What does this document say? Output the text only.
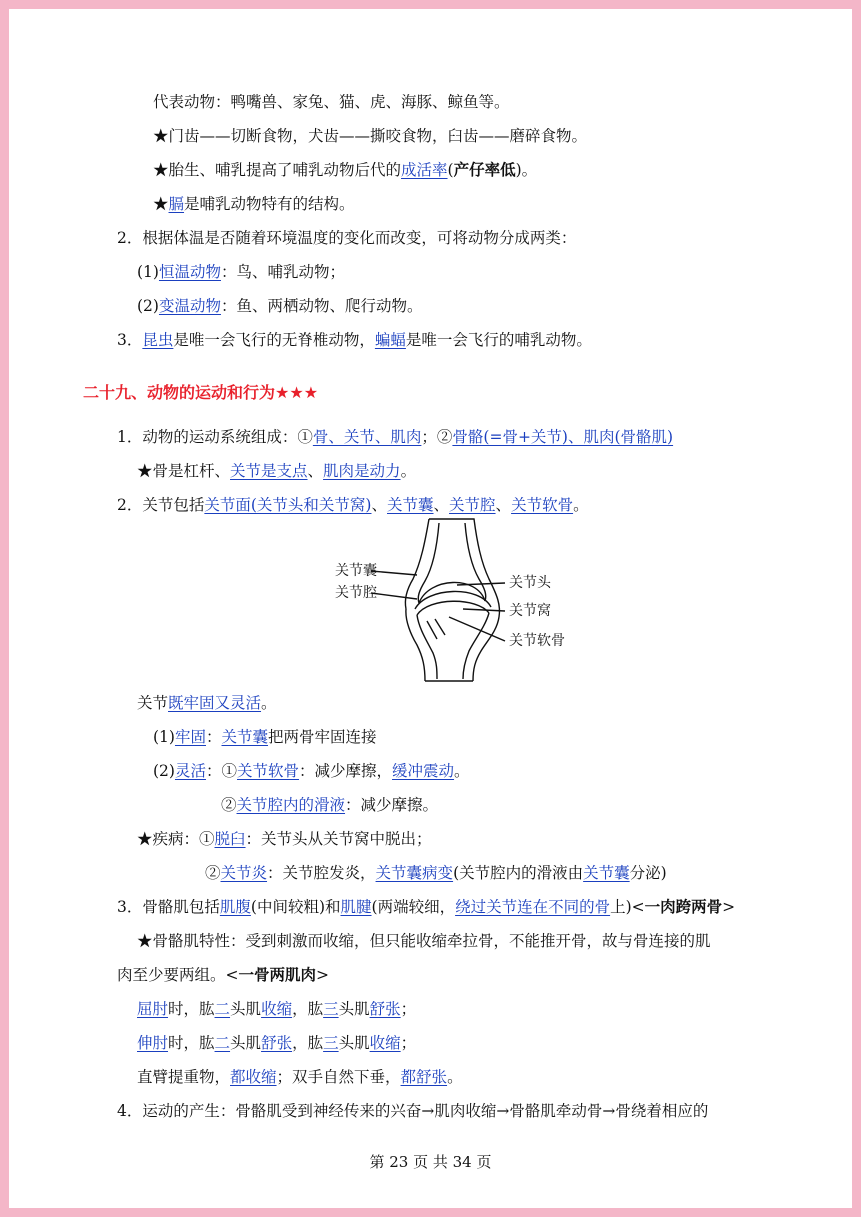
代表动物：鸭嘴兽、家兔、猫、虎、海豚、鲸鱼等。
★门齿——切断食物，犬齿——撕咬食物，臼齿——磨碎食物。
★胎生、哺乳提高了哺乳动物后代的成活率(产仔率低)。
★膈是哺乳动物特有的结构。
2．根据体温是否随着环境温度的变化而改变，可将动物分成两类：
(1)恒温动物：鸟、哺乳动物；
(2)变温动物：鱼、两栖动物、爬行动物。
3．昆虫是唯一会飞行的无脊椎动物，蝙蝠是唯一会飞行的哺乳动物。
二十九、动物的运动和行为★★★
1．动物的运动系统组成：①骨、关节、肌肉；②骨骼(=骨+关节)、肌肉(骨骼肌)
★骨是杠杆、关节是支点、肌肉是动力。
2．关节包括关节面(关节头和关节窝)、关节囊、关节腔、关节软骨。
关节囊
关节腔
关节头
关节窝
关节软骨
关节既牢固又灵活。
(1)牢固：关节囊把两骨牢固连接
(2)灵活：①关节软骨：减少摩擦，缓冲震动。
②关节腔内的滑液：减少摩擦。
★疾病：①脱臼：关节头从关节窝中脱出；
②关节炎：关节腔发炎，关节囊病变(关节腔内的滑液由关节囊分泌)
3．骨骼肌包括肌腹(中间较粗)和肌腱(两端较细，绕过关节连在不同的骨上)<一肉跨两骨>
★骨骼肌特性：受到刺激而收缩，但只能收缩牵拉骨，不能推开骨，故与骨连接的肌
肉至少要两组。<一骨两肌肉>
屈肘时，肱二头肌收缩，肱三头肌舒张；
伸肘时，肱二头肌舒张，肱三头肌收缩；
直臂提重物，都收缩；双手自然下垂，都舒张。
4．运动的产生：骨骼肌受到神经传来的兴奋→肌肉收缩→骨骼肌牵动骨→骨绕着相应的
第 23 页 共 34 页
